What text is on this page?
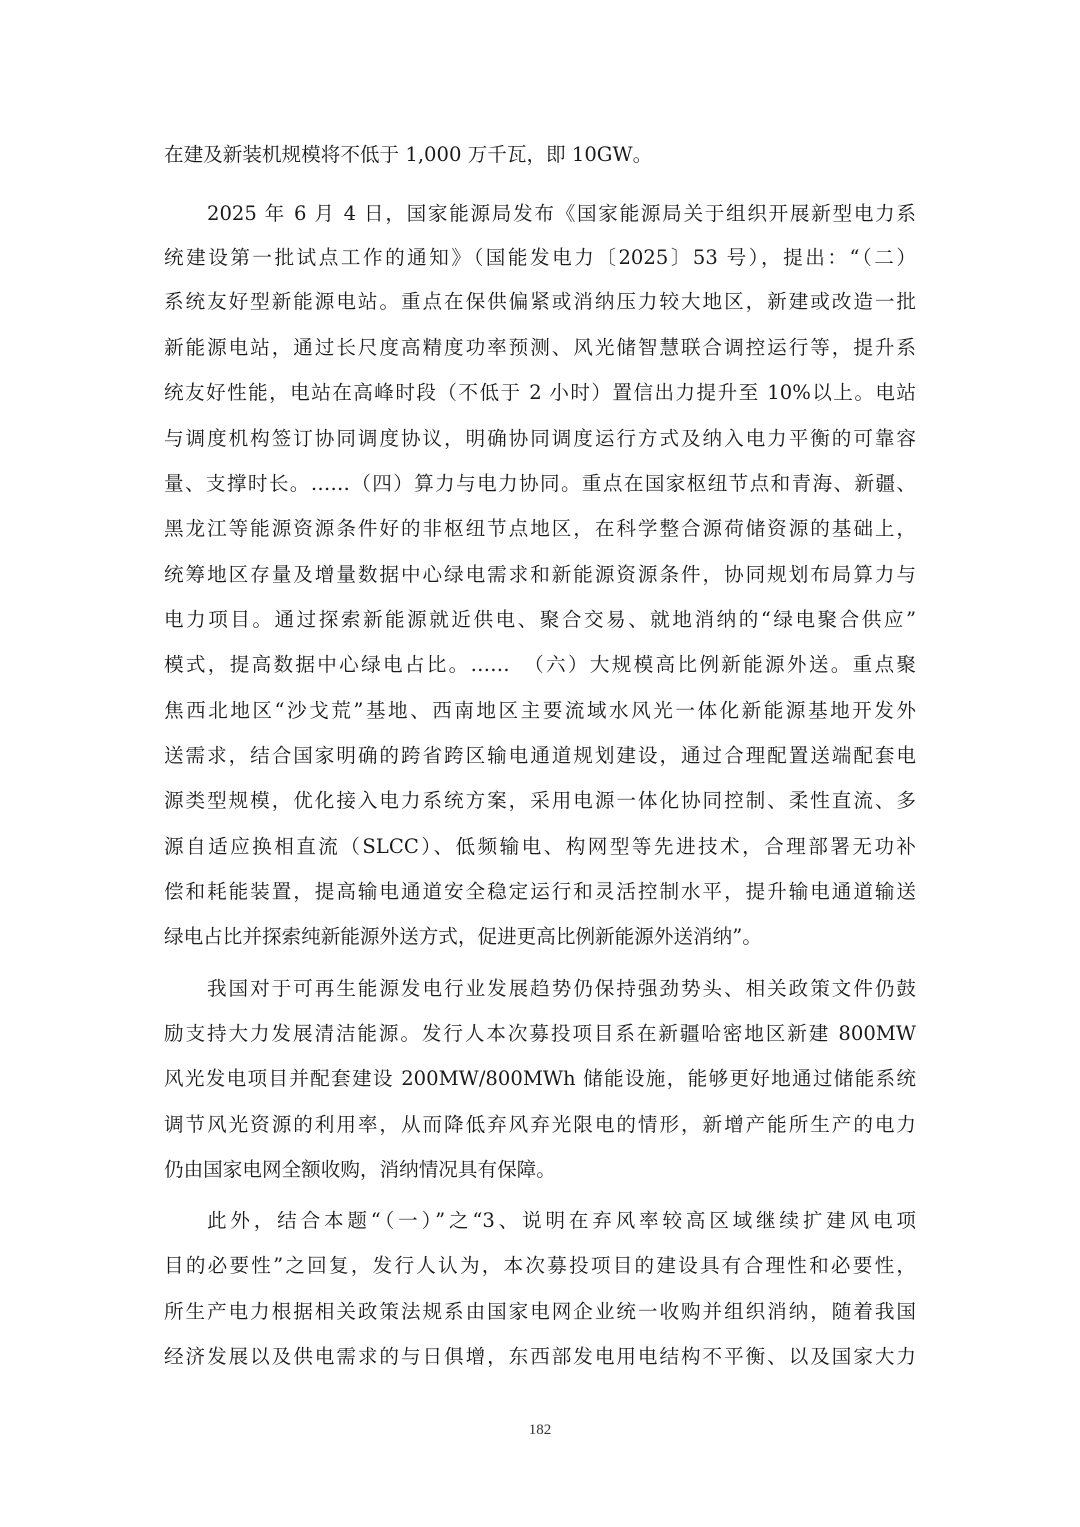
在建及新装机规模将不低于 1,000 万千瓦，即 10GW。
2025 年 6 月 4 日，国家能源局发布《国家能源局关于组织开展新型电力系
统建设第一批试点工作的通知》（国能发电力〔2025〕53 号），提出：“（二）
系统友好型新能源电站。重点在保供偏紧或消纳压力较大地区，新建或改造一批
新能源电站，通过长尺度高精度功率预测、风光储智慧联合调控运行等，提升系
统友好性能，电站在高峰时段（不低于 2 小时）置信出力提升至 10%以上。电站
与调度机构签订协同调度协议，明确协同调度运行方式及纳入电力平衡的可靠容
量、支撑时长。……（四）算力与电力协同。重点在国家枢纽节点和青海、新疆、
黑龙江等能源资源条件好的非枢纽节点地区，在科学整合源荷储资源的基础上，
统筹地区存量及增量数据中心绿电需求和新能源资源条件，协同规划布局算力与
电力项目。通过探索新能源就近供电、聚合交易、就地消纳的“绿电聚合供应”
模式，提高数据中心绿电占比。……　（六）大规模高比例新能源外送。重点聚
焦西北地区“沙戈荒”基地、西南地区主要流域水风光一体化新能源基地开发外
送需求，结合国家明确的跨省跨区输电通道规划建设，通过合理配置送端配套电
源类型规模，优化接入电力系统方案，采用电源一体化协同控制、柔性直流、多
源自适应换相直流（SLCC）、低频输电、构网型等先进技术，合理部署无功补
偿和耗能装置，提高输电通道安全稳定运行和灵活控制水平，提升输电通道输送
绿电占比并探索纯新能源外送方式，促进更高比例新能源外送消纳”。
我国对于可再生能源发电行业发展趋势仍保持强劲势头、相关政策文件仍鼓
励支持大力发展清洁能源。发行人本次募投项目系在新疆哈密地区新建 800MW
风光发电项目并配套建设 200MW/800MWh 储能设施，能够更好地通过储能系统
调节风光资源的利用率，从而降低弃风弃光限电的情形，新增产能所生产的电力
仍由国家电网全额收购，消纳情况具有保障。
此外，结合本题“（一）”之“3、说明在弃风率较高区域继续扩建风电项
目的必要性”之回复，发行人认为，本次募投项目的建设具有合理性和必要性，
所生产电力根据相关政策法规系由国家电网企业统一收购并组织消纳，随着我国
经济发展以及供电需求的与日俱增，东西部发电用电结构不平衡、以及国家大力
182
